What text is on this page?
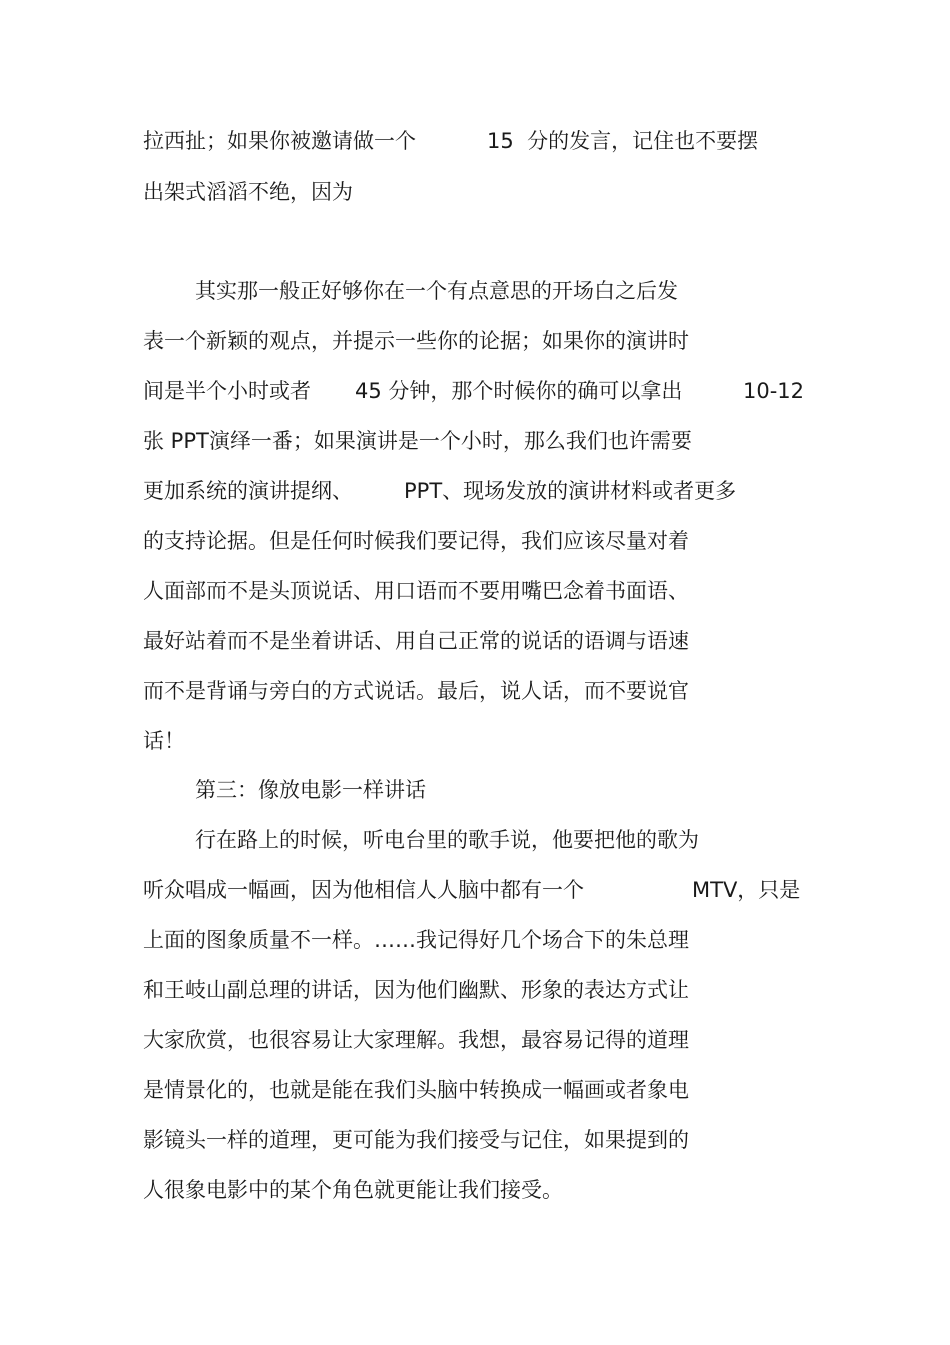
拉西扯；如果你被邀请做一个

	15  分的发言，记住也不要摆

出架式滔滔不绝，因为

其实那一般正好够你在一个有点意思的开场白之后发

表一个新颖的观点，并提示一些你的论据；如果你的演讲时

间是半个小时或者

45 分钟，那个时候你的确可以拿出

	10-12

张 PPT演绎一番；如果演讲是一个小时，那么我们也许需要

更加系统的演讲提纲、

PPT、现场发放的演讲材料或者更多

的支持论据。但是任何时候我们要记得，我们应该尽量对着

人面部而不是头顶说话、用口语而不要用嘴巴念着书面语、

最好站着而不是坐着讲话、用自己正常的说话的语调与语速

而不是背诵与旁白的方式说话。最后，说人话，而不要说官

话！

第三：像放电影一样讲话

行在路上的时候，听电台里的歌手说，他要把他的歌为

听众唱成一幅画，因为他相信人人脑中都有一个

	MTV，只是

上面的图象质量不一样。……我记得好几个场合下的朱总理

和王岐山副总理的讲话，因为他们幽默、形象的表达方式让

大家欣赏，也很容易让大家理解。我想，最容易记得的道理

是情景化的，也就是能在我们头脑中转换成一幅画或者象电

影镜头一样的道理，更可能为我们接受与记住，如果提到的

人很象电影中的某个角色就更能让我们接受。
